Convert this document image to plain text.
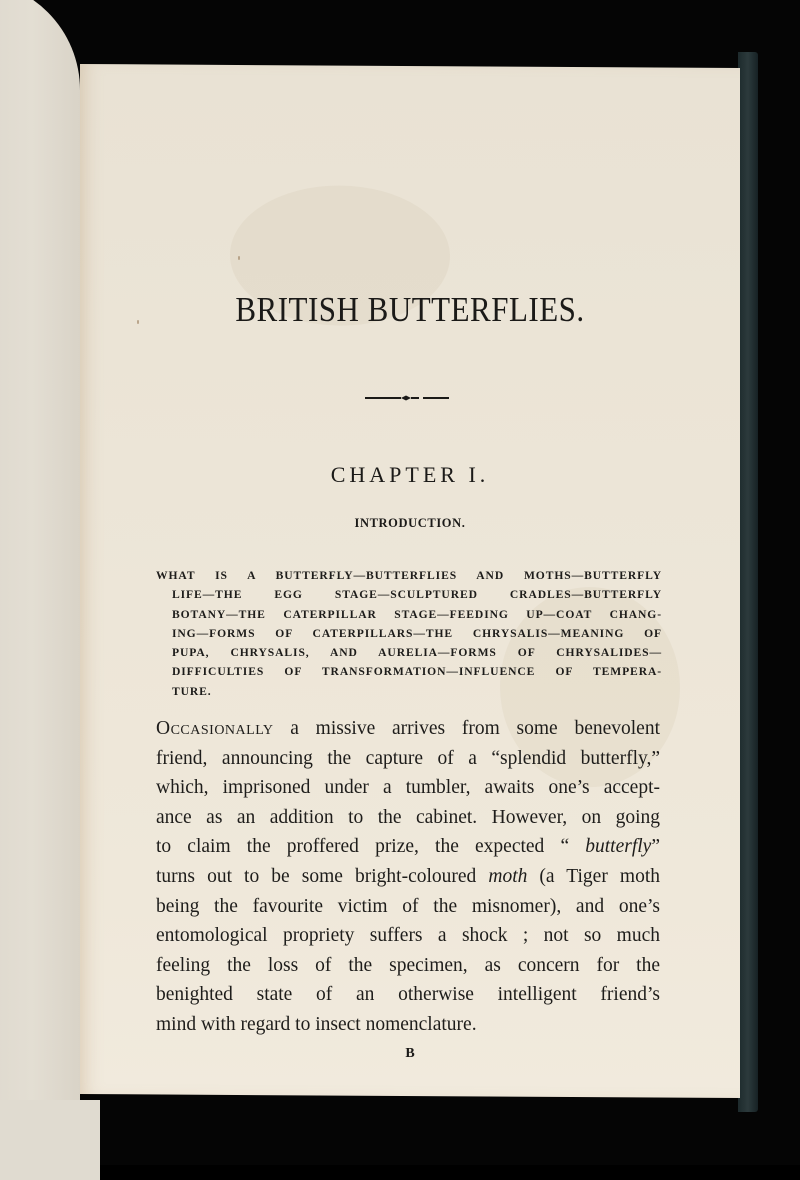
BRITISH BUTTERFLIES.
CHAPTER I.
INTRODUCTION.
WHAT IS A BUTTERFLY—BUTTERFLIES AND MOTHS—BUTTERFLY
LIFE—THE EGG STAGE—SCULPTURED CRADLES—BUTTERFLY
BOTANY—THE CATERPILLAR STAGE—FEEDING UP—COAT CHANG-
ING—FORMS OF CATERPILLARS—THE CHRYSALIS—MEANING OF
PUPA, CHRYSALIS, AND AURELIA—FORMS OF CHRYSALIDES—
DIFFICULTIES OF TRANSFORMATION—INFLUENCE OF TEMPERA-
TURE.
Occasionally a missive arrives from some benevolent
friend, announcing the capture of a “splendid butterfly,”
which, imprisoned under a tumbler, awaits one’s accept-
ance as an addition to the cabinet. However, on going
to claim the proffered prize, the expected “ butterfly”
turns out to be some bright-coloured moth (a Tiger moth
being the favourite victim of the misnomer), and one’s
entomological propriety suffers a shock ; not so much
feeling the loss of the specimen, as concern for the
benighted state of an otherwise intelligent friend’s
mind with regard to insect nomenclature.
B
